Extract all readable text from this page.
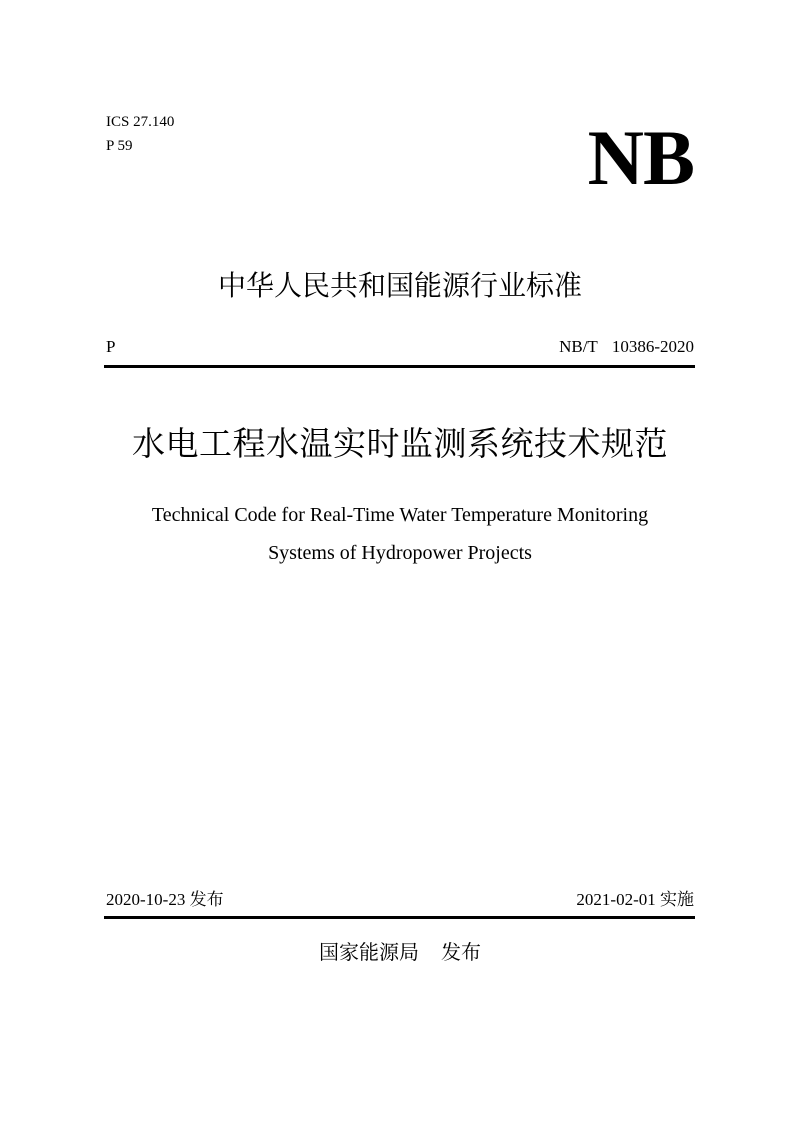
ICS 27.140
P 59	NB
中华人民共和国能源行业标准
P	NB/T 10386-2020
水电工程水温实时监测系统技术规范
Technical Code for Real-Time Water Temperature Monitoring
Systems of Hydropower Projects
2020-10-23 发布	2021-02-01 实施
国家能源局 发布
